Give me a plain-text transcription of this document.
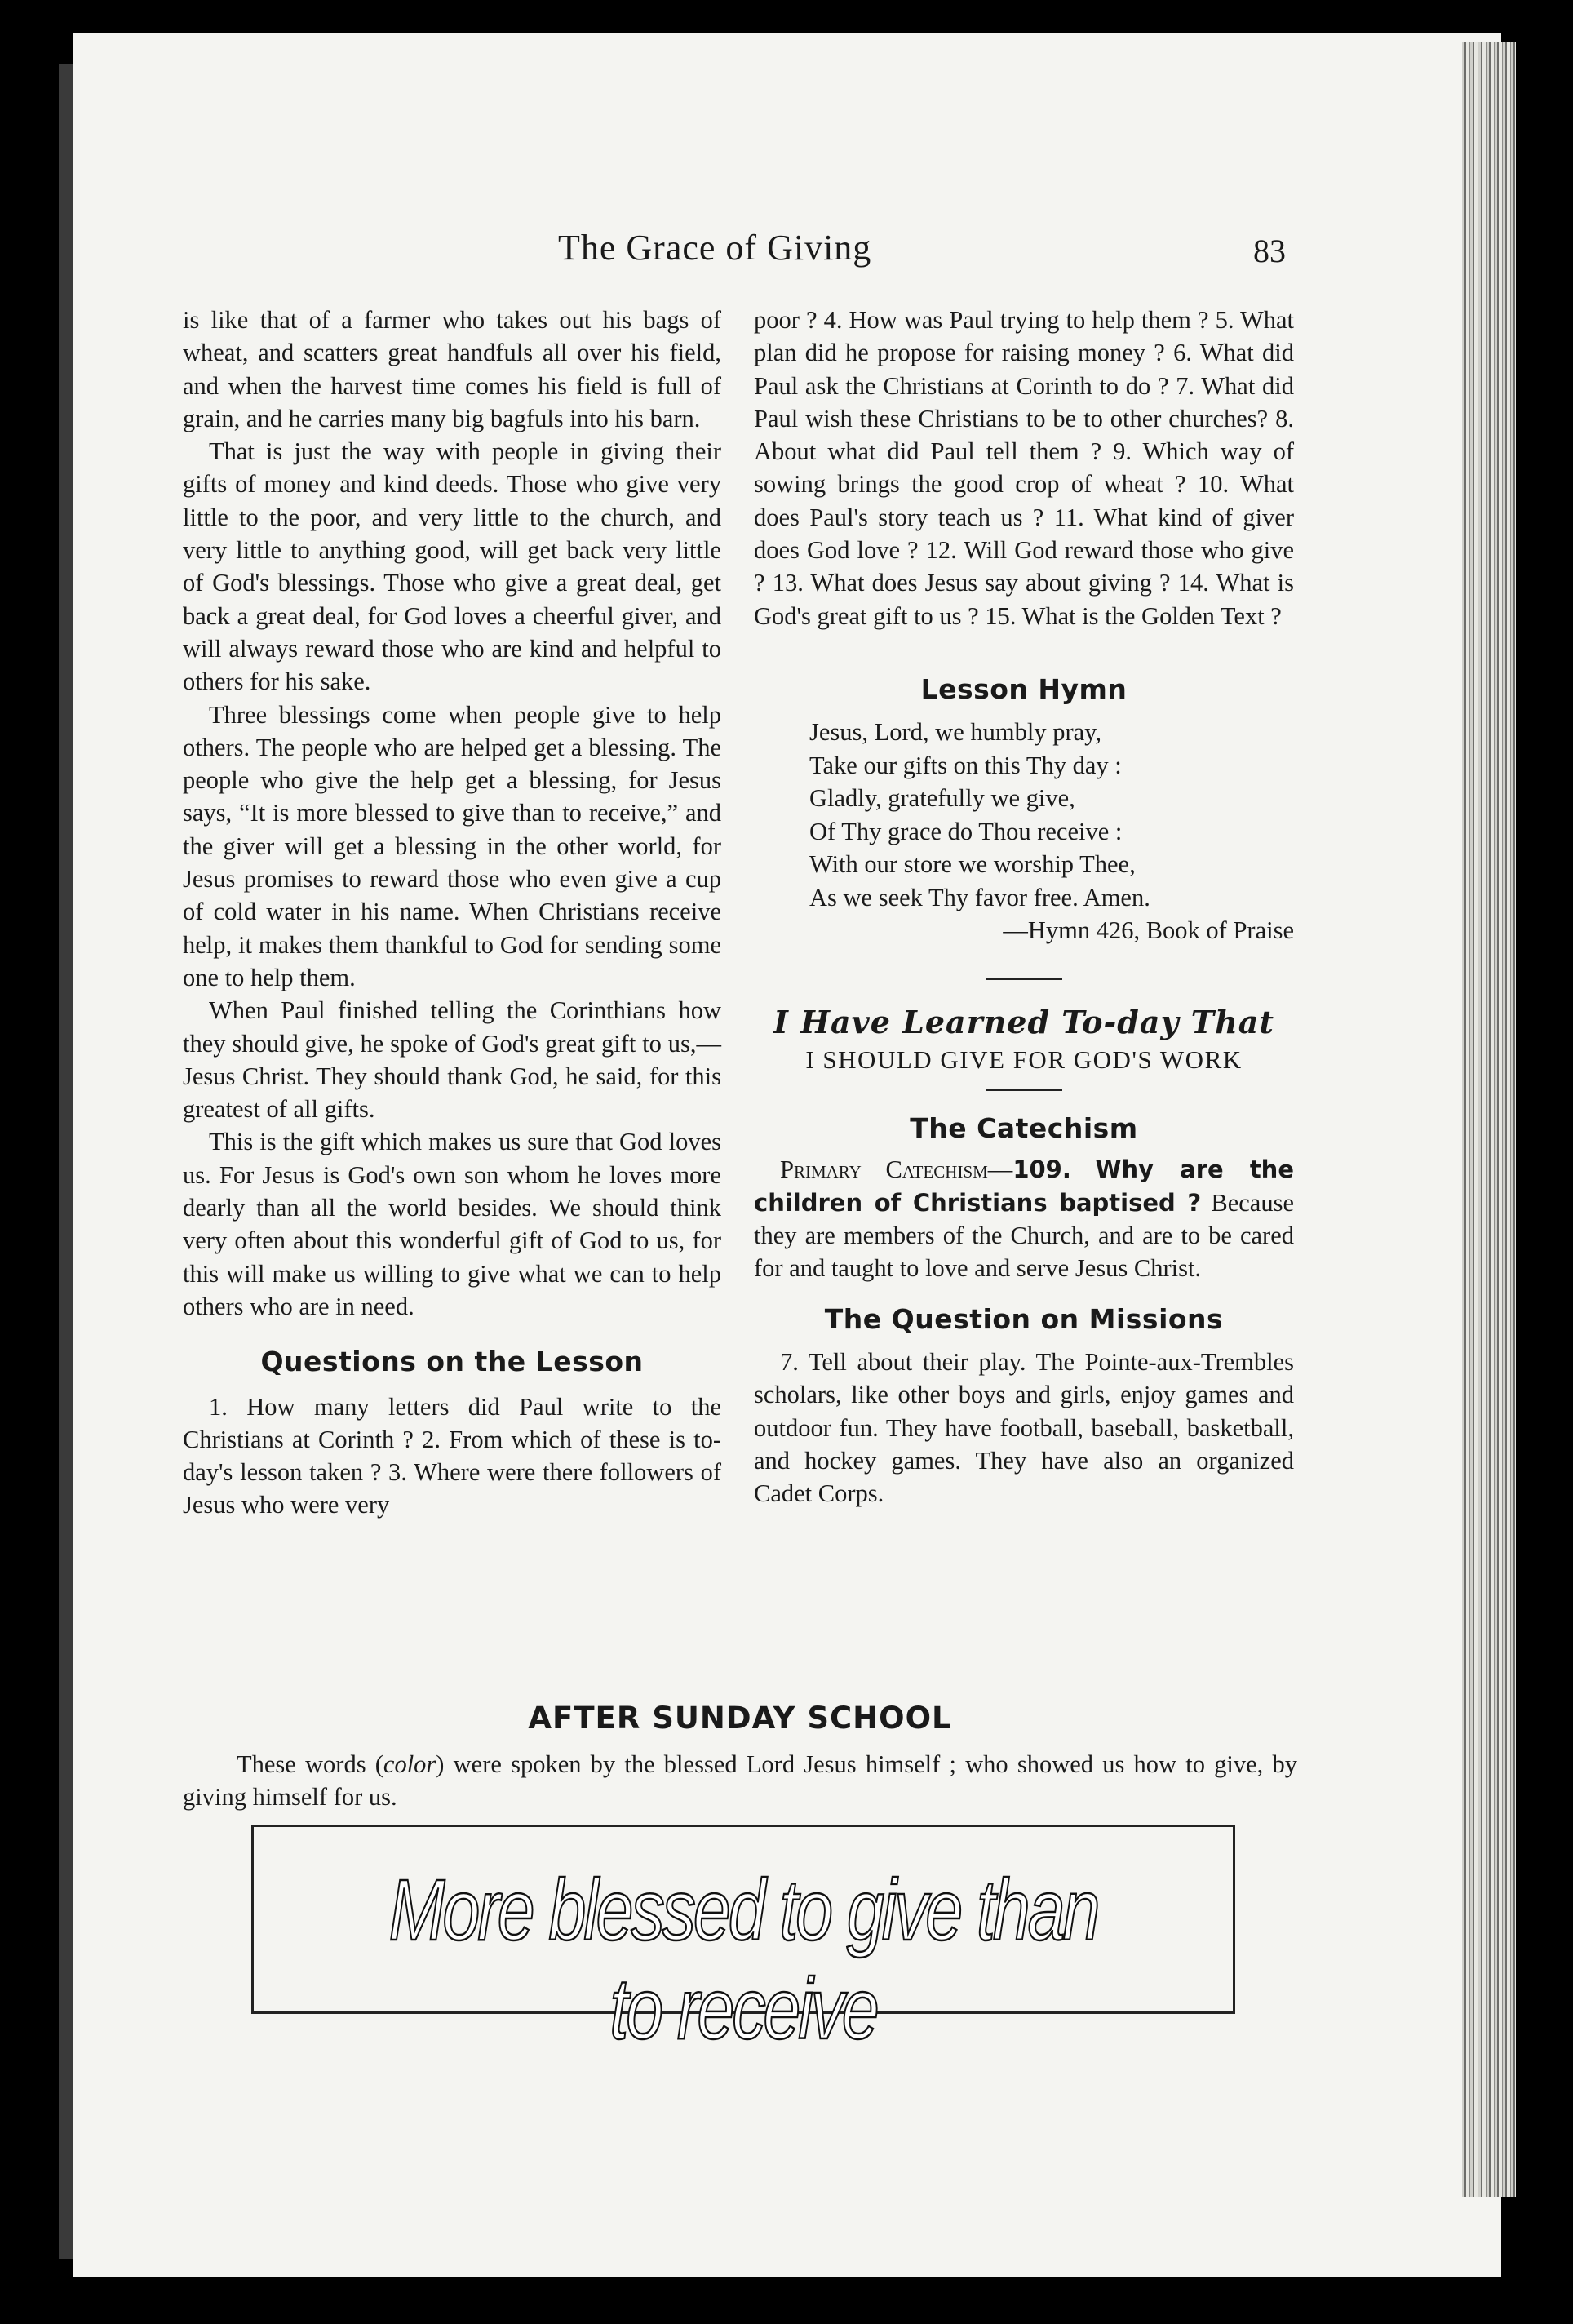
The Grace of Giving	83

is like that of a farmer who takes out his bags of wheat, and scatters great handfuls all over his field, and when the harvest time comes his field is full of grain, and he carries many big bagfuls into his barn.

That is just the way with people in giving their gifts of money and kind deeds. Those who give very little to the poor, and very little to the church, and very little to anything good, will get back very little of God's blessings. Those who give a great deal, get back a great deal, for God loves a cheerful giver, and will always reward those who are kind and helpful to others for his sake.

Three blessings come when people give to help others. The people who are helped get a blessing. The people who give the help get a blessing, for Jesus says, “It is more blessed to give than to receive,” and the giver will get a blessing in the other world, for Jesus promises to reward those who even give a cup of cold water in his name. When Christians receive help, it makes them thankful to God for sending some one to help them.

When Paul finished telling the Corinthians how they should give, he spoke of God's great gift to us,—Jesus Christ. They should thank God, he said, for this greatest of all gifts.

This is the gift which makes us sure that God loves us. For Jesus is God's own son whom he loves more dearly than all the world besides. We should think very often about this wonderful gift of God to us, for this will make us willing to give what we can to help others who are in need.

Questions on the Lesson

1. How many letters did Paul write to the Christians at Corinth ? 2. From which of these is to-day's lesson taken ? 3. Where were there followers of Jesus who were very

poor ? 4. How was Paul trying to help them ? 5. What plan did he propose for raising money ? 6. What did Paul ask the Christians at Corinth to do ? 7. What did Paul wish these Christians to be to other churches? 8. About what did Paul tell them ? 9. Which way of sowing brings the good crop of wheat ? 10. What does Paul's story teach us ? 11. What kind of giver does God love ? 12. Will God reward those who give ? 13. What does Jesus say about giving ? 14. What is God's great gift to us ? 15. What is the Golden Text ?

Lesson Hymn
Jesus, Lord, we humbly pray,
Take our gifts on this Thy day :
Gladly, gratefully we give,
Of Thy grace do Thou receive :
With our store we worship Thee,
As we seek Thy favor free. Amen.
—Hymn 426, Book of Praise
I Have Learned To-day That
I SHOULD GIVE FOR GOD'S WORK
The Catechism

Primary Catechism—109. Why are the children of Christians baptised ? Because they are members of the Church, and are to be cared for and taught to love and serve Jesus Christ.

The Question on Missions

7. Tell about their play. The Pointe-aux-Trembles scholars, like other boys and girls, enjoy games and outdoor fun. They have football, baseball, basketball, and hockey games. They have also an organized Cadet Corps.

AFTER SUNDAY SCHOOL

These words (color) were spoken by the blessed Lord Jesus himself ; who showed us how to give, by giving himself for us.

More blessed to give than to receive
